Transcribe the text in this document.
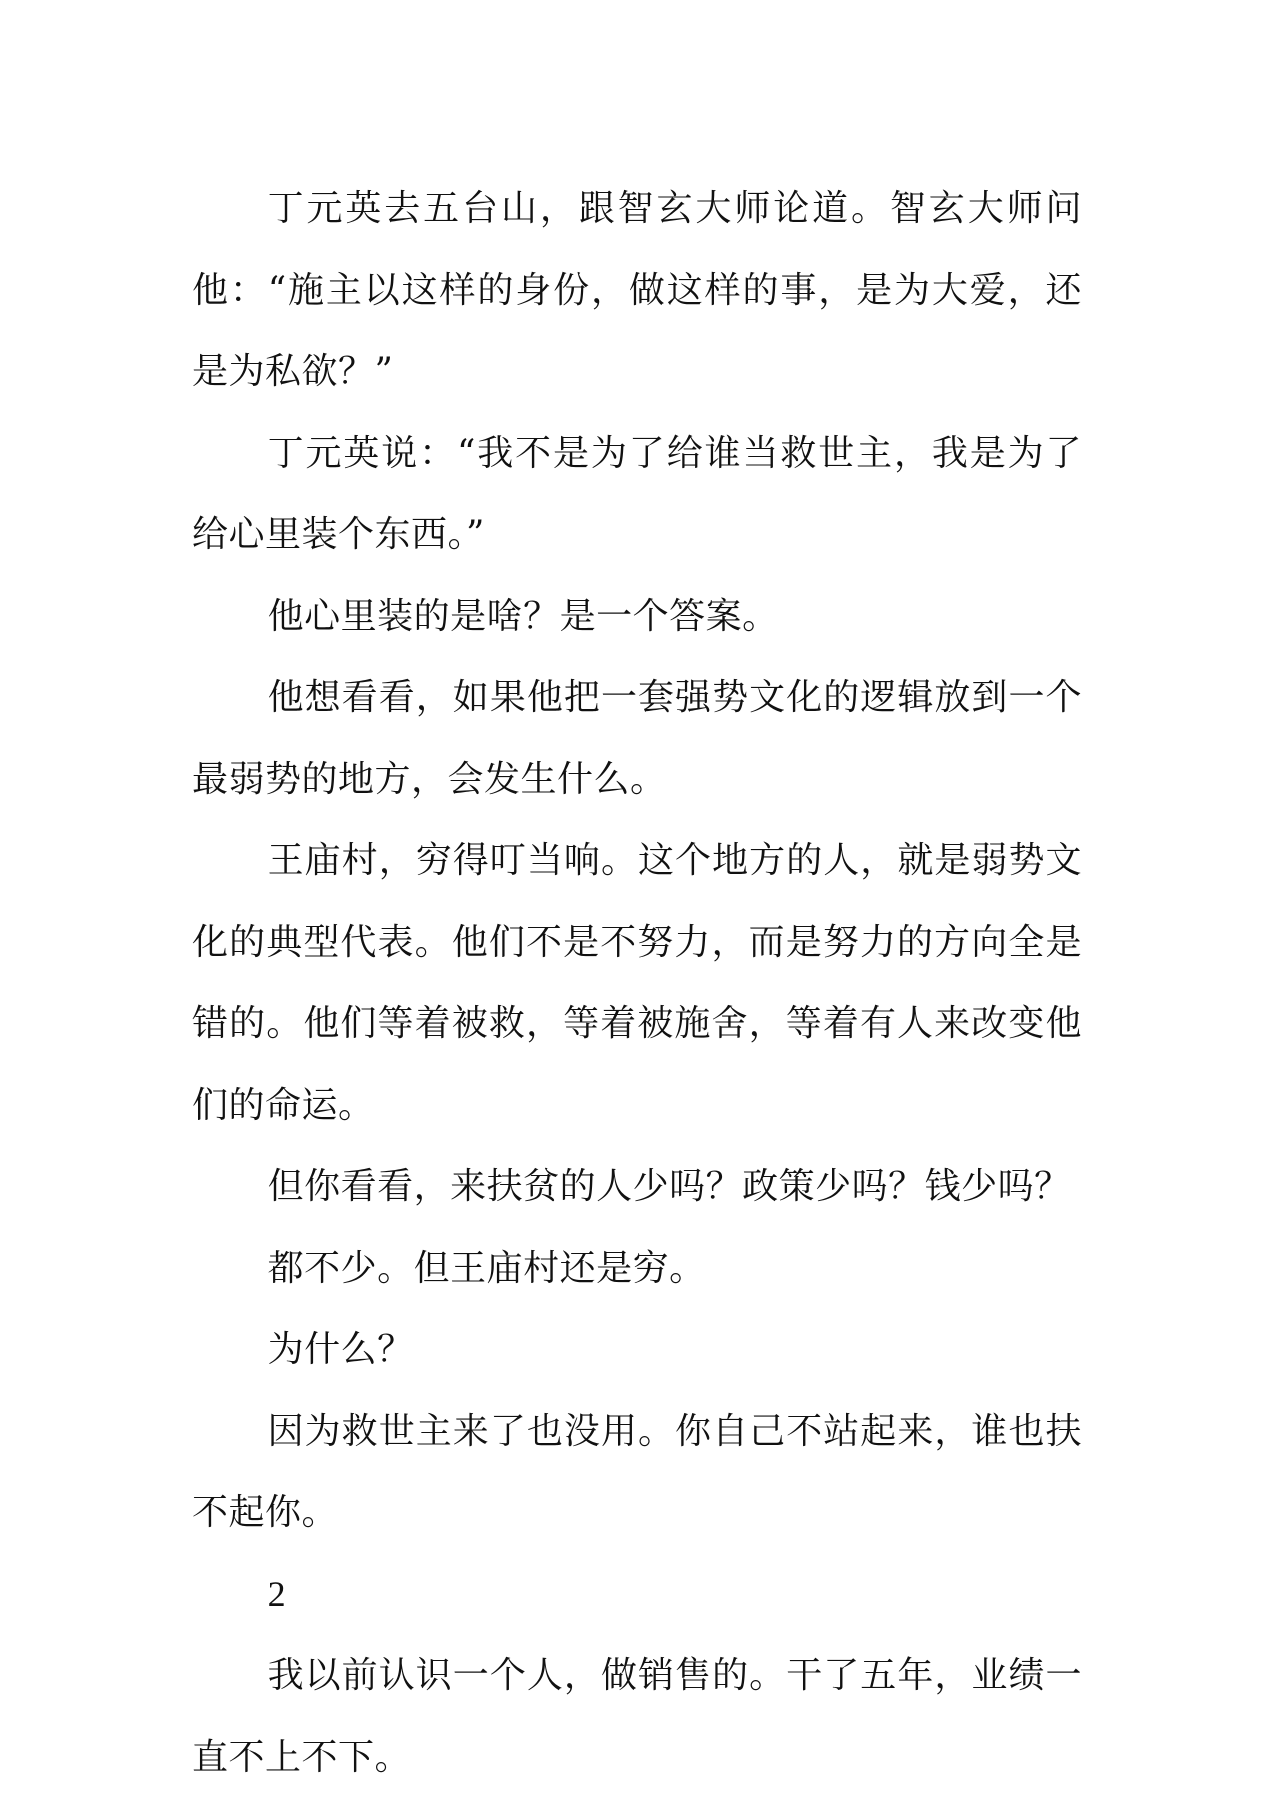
丁元英去五台山，跟智玄大师论道。智玄大师问他：“施主以这样的身份，做这样的事，是为大爱，还是为私欲？”

丁元英说：“我不是为了给谁当救世主，我是为了给心里装个东西。”

他心里装的是啥？是一个答案。

他想看看，如果他把一套强势文化的逻辑放到一个最弱势的地方，会发生什么。

王庙村，穷得叮当响。这个地方的人，就是弱势文化的典型代表。他们不是不努力，而是努力的方向全是错的。他们等着被救，等着被施舍，等着有人来改变他们的命运。

但你看看，来扶贫的人少吗？政策少吗？钱少吗？

都不少。但王庙村还是穷。

为什么？

因为救世主来了也没用。你自己不站起来，谁也扶不起你。

2

我以前认识一个人，做销售的。干了五年，业绩一直不上不下。
